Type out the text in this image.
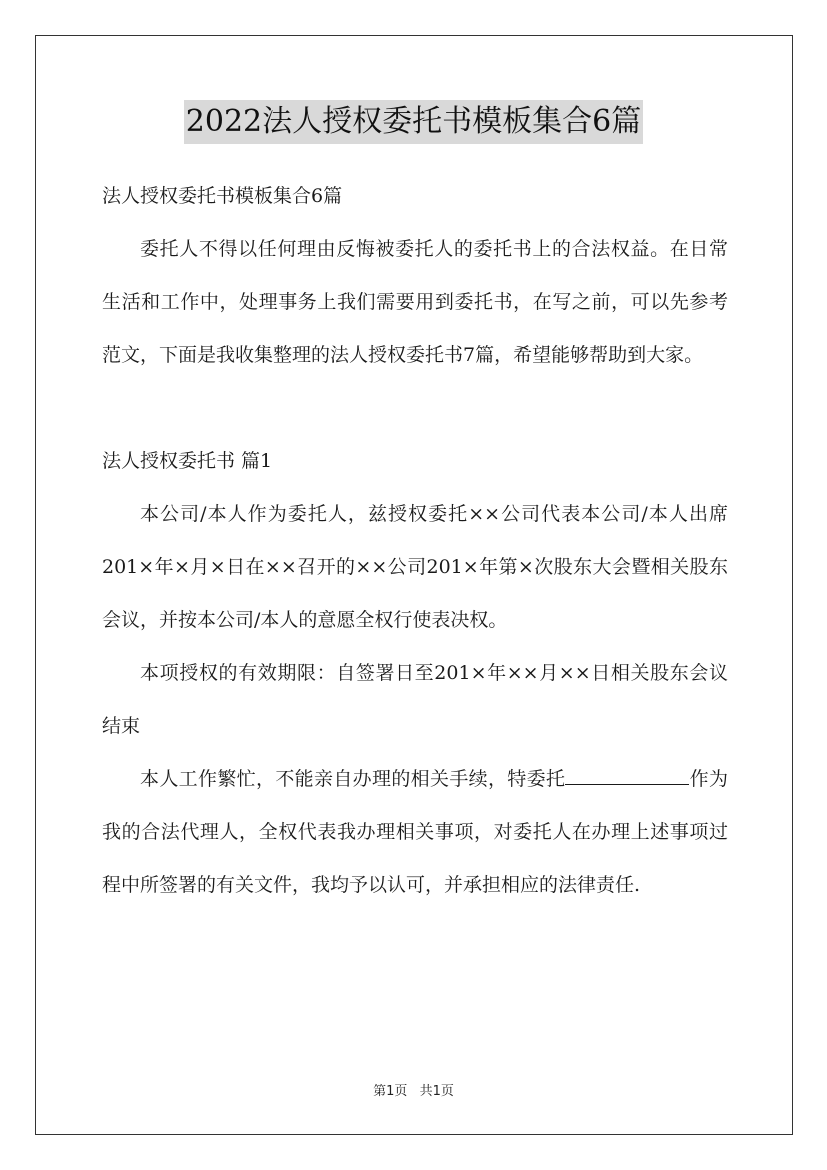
2022法人授权委托书模板集合6篇

法人授权委托书模板集合6篇

委托人不得以任何理由反悔被委托人的委托书上的合法权益。在日常生活和工作中，处理事务上我们需要用到委托书，在写之前，可以先参考范文，下面是我收集整理的法人授权委托书7篇，希望能够帮助到大家。

法人授权委托书 篇1

本公司/本人作为委托人，兹授权委托××公司代表本公司/本人出席201×年×月×日在××召开的××公司201×年第×次股东大会暨相关股东会议，并按本公司/本人的意愿全权行使表决权。

本项授权的有效期限：自签署日至201×年××月××日相关股东会议结束

本人工作繁忙，不能亲自办理的相关手续，特委托	作为我的合法代理人，全权代表我办理相关事项，对委托人在办理上述事项过程中所签署的有关文件，我均予以认可，并承担相应的法律责任.

第1页 共1页
